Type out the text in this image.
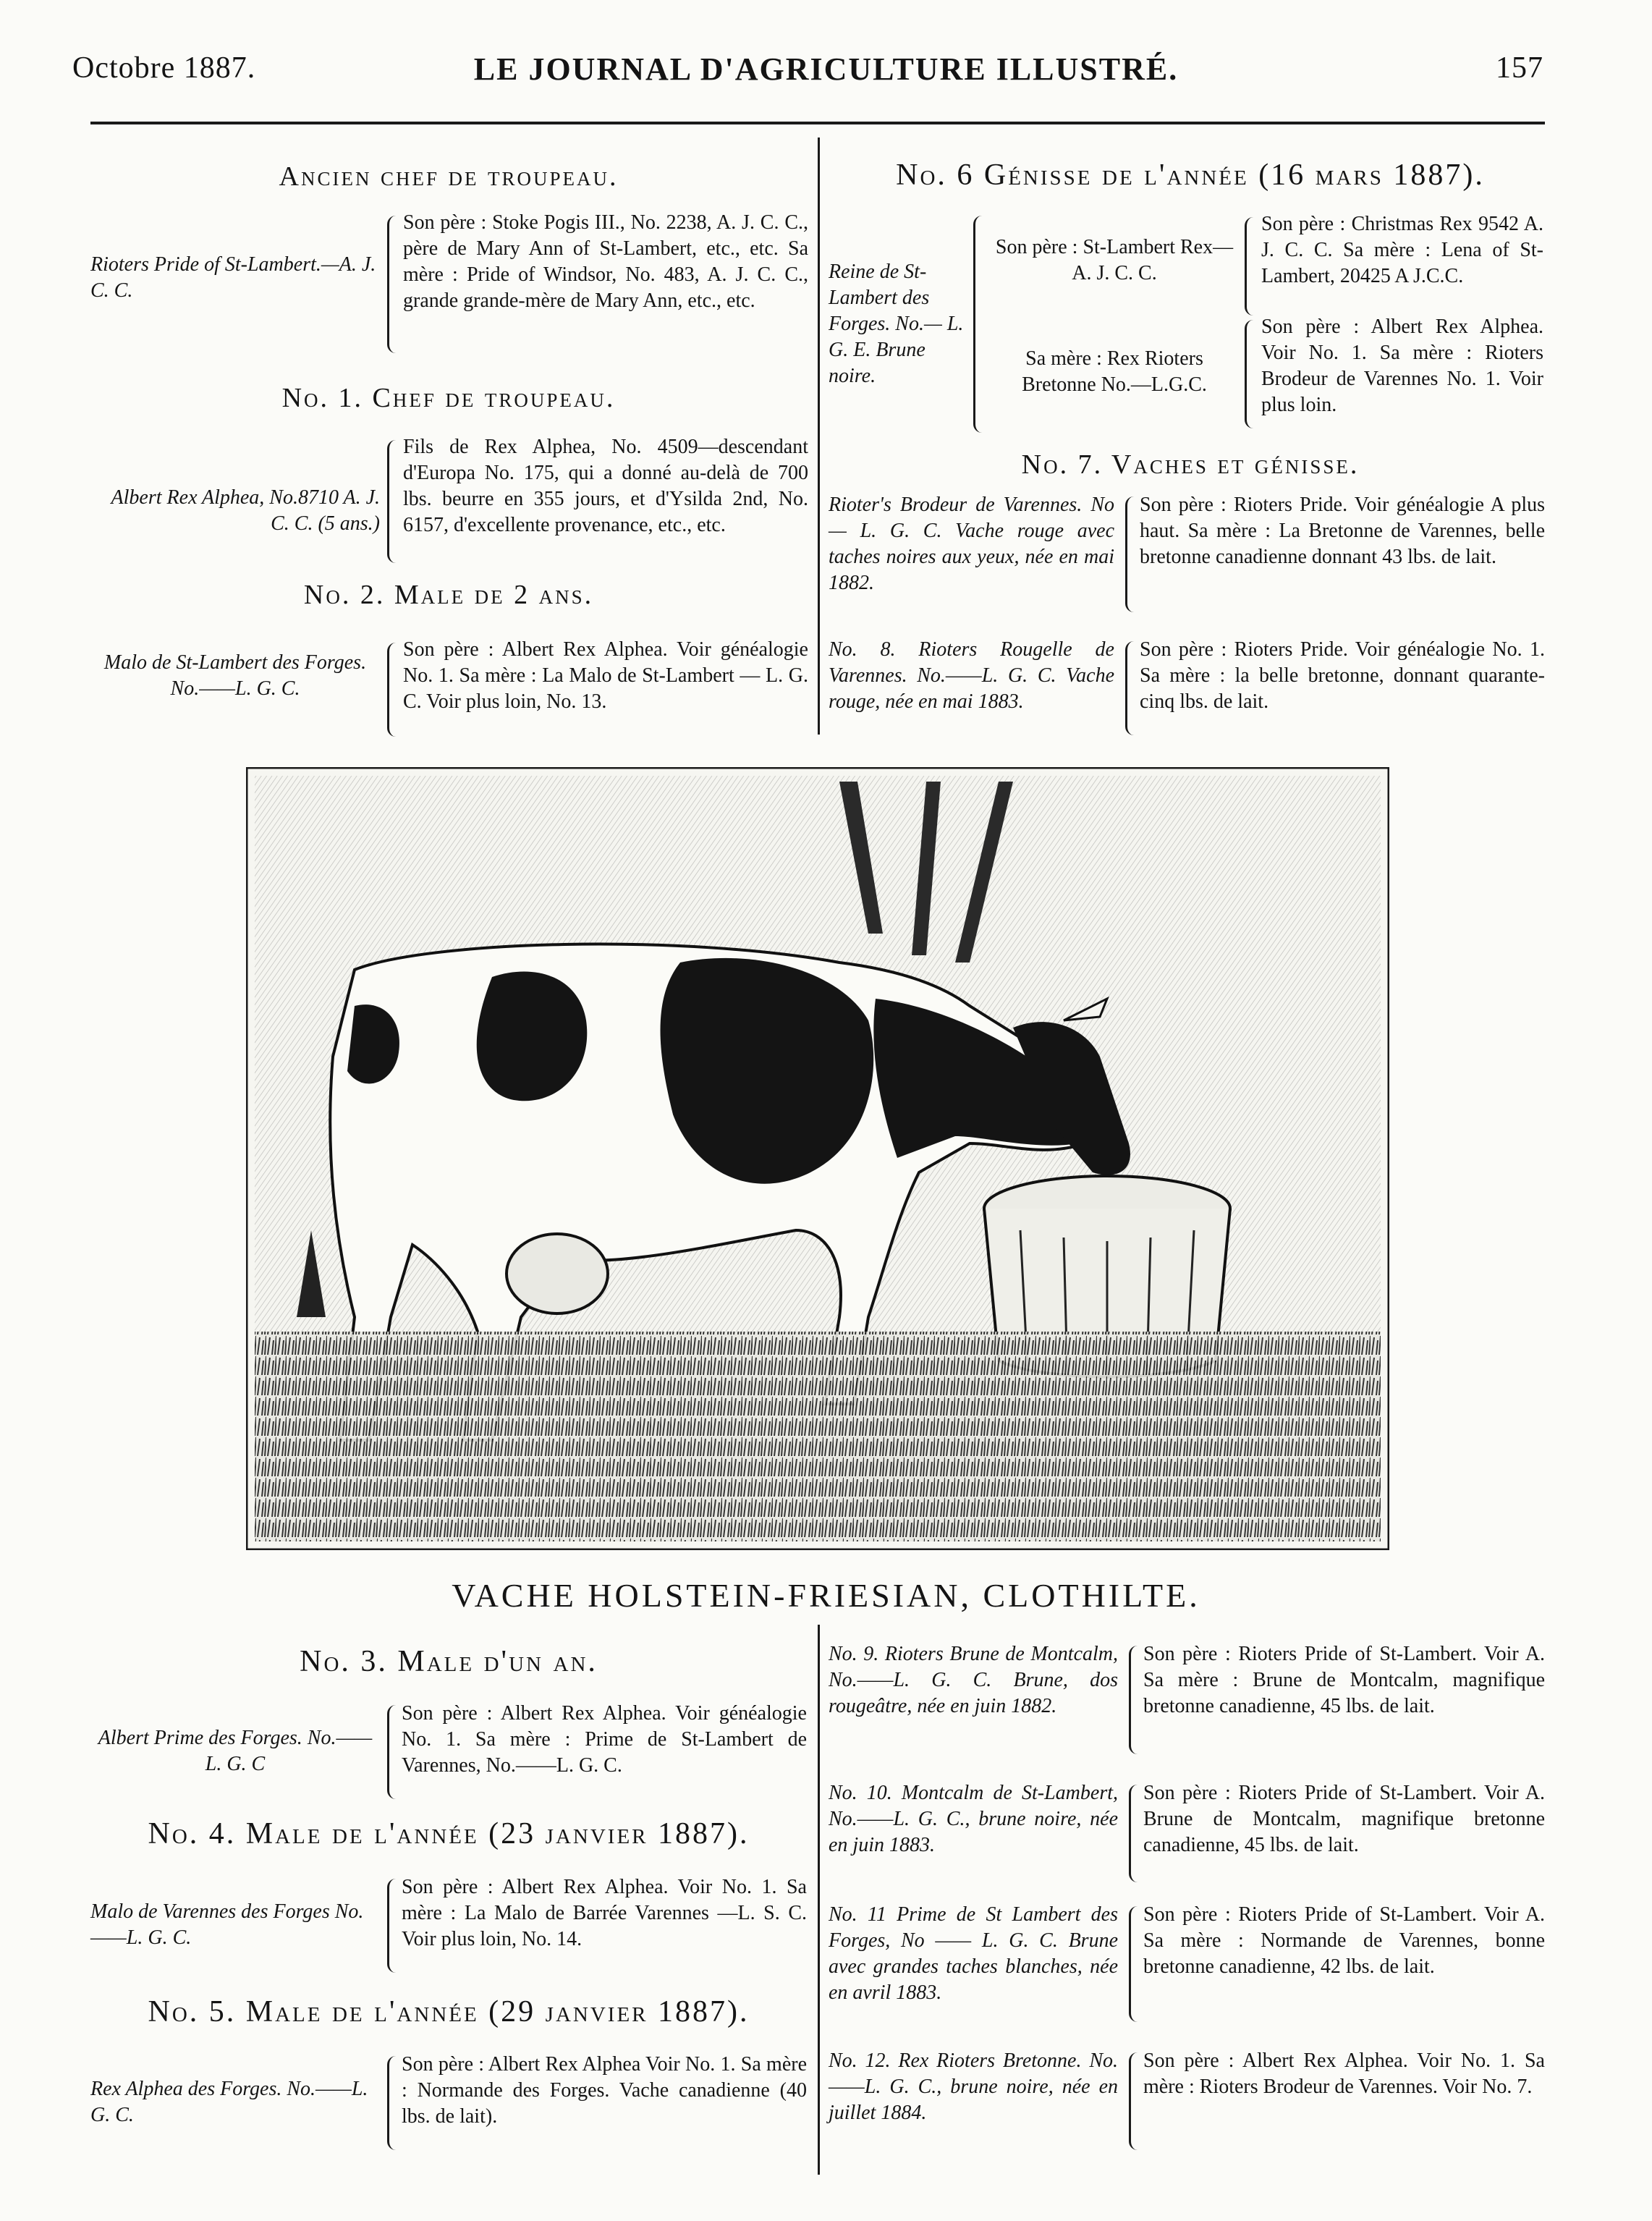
Octobre 1887.	LE JOURNAL D'AGRICULTURE ILLUSTRÉ.	157
Ancien chef de troupeau.
Rioters Pride of St-Lambert.—A. J. C. C.
Son père : Stoke Pogis III., No. 2238, A. J. C. C., père de Mary Ann of St-Lambert, etc., etc. Sa mère : Pride of Windsor, No. 483, A. J. C. C., grande grande-mère de Mary Ann, etc., etc.
No. 1. Chef de troupeau.
Albert Rex Alphea, No.8710 A. J. C. C. (5 ans.)
Fils de Rex Alphea, No. 4509—descendant d'Europa No. 175, qui a donné au-delà de 700 lbs. beurre en 355 jours, et d'Ysilda 2nd, No. 6157, d'excellente provenance, etc., etc.
No. 2. Male de 2 ans.
Malo de St-Lambert des Forges. No.——L. G. C.
Son père : Albert Rex Alphea. Voir généalogie No. 1. Sa mère : La Malo de St-Lambert — L. G. C. Voir plus loin, No. 13.
No. 6 Génisse de l'année (16 mars 1887).
Reine de St-Lambert des Forges. No.— L. G. E. Brune noire.
Son père : St-Lambert Rex—A. J. C. C.
Sa mère : Rex Rioters Bretonne No.—L.G.C.
Son père : Christmas Rex 9542 A. J. C. C. Sa mère : Lena of St-Lambert, 20425 A J.C.C.
Son père : Albert Rex Alphea. Voir No. 1. Sa mère : Rioters Brodeur de Varennes No. 1. Voir plus loin.
No. 7. Vaches et génisse.
Rioter's Brodeur de Varennes. No — L. G. C. Vache rouge avec taches noires aux yeux, née en mai 1882.
Son père : Rioters Pride. Voir généalogie A plus haut. Sa mère : La Bretonne de Varennes, belle bretonne canadienne donnant 43 lbs. de lait.
No. 8. Rioters Rougelle de Varennes. No.——L. G. C. Vache rouge, née en mai 1883.
Son père : Rioters Pride. Voir généalogie No. 1. Sa mère : la belle bretonne, donnant quarante-cinq lbs. de lait.
VACHE HOLSTEIN-FRIESIAN, CLOTHILTE.
No. 3. Male d'un an.
Albert Prime des Forges. No.——L. G. C
Son père : Albert Rex Alphea. Voir généalogie No. 1. Sa mère : Prime de St-Lambert de Varennes, No.——L. G. C.
No. 4. Male de l'année (23 janvier 1887).
Malo de Varennes des Forges No.——L. G. C.
Son père : Albert Rex Alphea. Voir No. 1. Sa mère : La Malo de Barrée Varennes —L. S. C. Voir plus loin, No. 14.
No. 5. Male de l'année (29 janvier 1887).
Rex Alphea des Forges. No.——L. G. C.
Son père : Albert Rex Alphea Voir No. 1. Sa mère : Normande des Forges. Vache canadienne (40 lbs. de lait).
No. 9. Rioters Brune de Montcalm, No.——L. G. C. Brune, dos rougeâtre, née en juin 1882.
Son père : Rioters Pride of St-Lambert. Voir A. Sa mère : Brune de Montcalm, magnifique bretonne canadienne, 45 lbs. de lait.
No. 10. Montcalm de St-Lambert, No.——L. G. C., brune noire, née en juin 1883.
Son père : Rioters Pride of St-Lambert. Voir A. Brune de Montcalm, magnifique bretonne canadienne, 45 lbs. de lait.
No. 11 Prime de St Lambert des Forges, No —— L. G. C. Brune avec grandes taches blanches, née en avril 1883.
Son père : Rioters Pride of St-Lambert. Voir A. Sa mère : Normande de Varennes, bonne bretonne canadienne, 42 lbs. de lait.
No. 12. Rex Rioters Bretonne. No.——L. G. C., brune noire, née en juillet 1884.
Son père : Albert Rex Alphea. Voir No. 1. Sa mère : Rioters Brodeur de Varennes. Voir No. 7.
